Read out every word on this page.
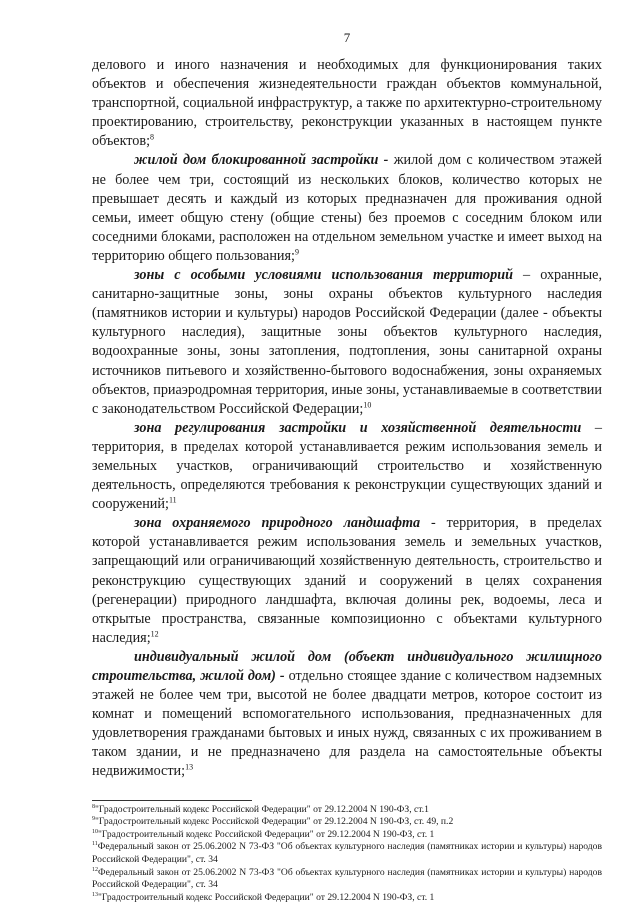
7

делового и иного назначения и необходимых для функционирования таких объектов и обеспечения жизнедеятельности граждан объектов коммунальной, транспортной, социальной инфраструктур, а также по архитектурно-строительному проектированию, строительству, реконструкции указанных в настоящем пункте объектов;$^8$

жилой дом блокированной застройки - жилой дом с количеством этажей не более чем три, состоящий из нескольких блоков, количество которых не превышает десять и каждый из которых предназначен для проживания одной семьи, имеет общую стену (общие стены) без проемов с соседним блоком или соседними блоками, расположен на отдельном земельном участке и имеет выход на территорию общего пользования;$^9$

зоны с особыми условиями использования территорий – охранные, санитарно-защитные зоны, зоны охраны объектов культурного наследия (памятников истории и культуры) народов Российской Федерации (далее - объекты культурного наследия), защитные зоны объектов культурного наследия, водоохранные зоны, зоны затопления, подтопления, зоны санитарной охраны источников питьевого и хозяйственно-бытового водоснабжения, зоны охраняемых объектов, приаэродромная территория, иные зоны, устанавливаемые в соответствии с законодательством Российской Федерации;$^{10}$

зона регулирования застройки и хозяйственной деятельности – территория, в пределах которой устанавливается режим использования земель и земельных участков, ограничивающий строительство и хозяйственную деятельность, определяются требования к реконструкции существующих зданий и сооружений;$^{11}$

зона охраняемого природного ландшафта - территория, в пределах которой устанавливается режим использования земель и земельных участков, запрещающий или ограничивающий хозяйственную деятельность, строительство и реконструкцию существующих зданий и сооружений в целях сохранения (регенерации) природного ландшафта, включая долины рек, водоемы, леса и открытые пространства, связанные композиционно с объектами культурного наследия;$^{12}$

индивидуальный жилой дом (объект индивидуального жилищного строительства, жилой дом) - отдельно стоящее здание с количеством надземных этажей не более чем три, высотой не более двадцати метров, которое состоит из комнат и помещений вспомогательного использования, предназначенных для удовлетворения гражданами бытовых и иных нужд, связанных с их проживанием в таком здании, и не предназначено для раздела на самостоятельные объекты недвижимости;$^{13}$

$^8$"Градостроительный кодекс Российской Федерации" от 29.12.2004 N 190-ФЗ, ст.1

$^9$"Градостроительный кодекс Российской Федерации" от 29.12.2004 N 190-ФЗ, ст. 49, п.2

$^{10}$"Градостроительный кодекс Российской Федерации" от 29.12.2004 N 190-ФЗ, ст. 1

$^{11}$Федеральный закон от 25.06.2002 N 73-ФЗ "Об объектах культурного наследия (памятниках истории и культуры) народов Российской Федерации", ст. 34

$^{12}$Федеральный закон от 25.06.2002 N 73-ФЗ "Об объектах культурного наследия (памятниках истории и культуры) народов Российской Федерации", ст. 34

$^{13}$"Градостроительный кодекс Российской Федерации" от 29.12.2004 N 190-ФЗ, ст. 1
